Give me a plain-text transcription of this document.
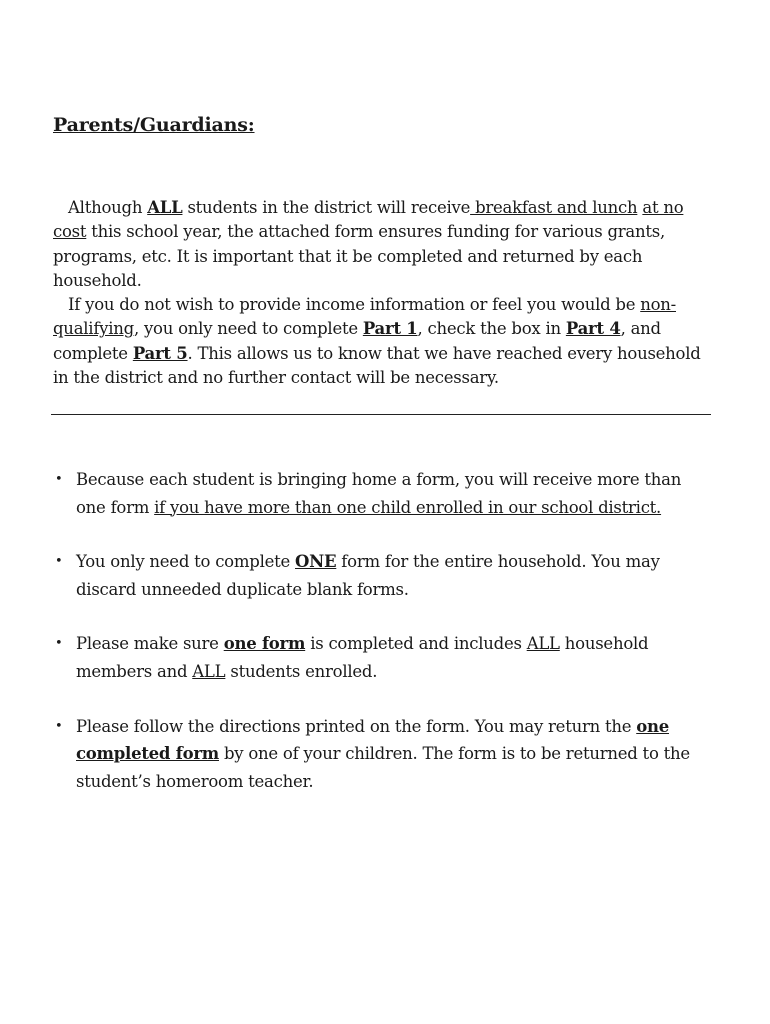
Parents/Guardians:

Although ALL students in the district will receive breakfast and lunch at no cost this school year, the attached form ensures funding for various grants, programs, etc. It is important that it be completed and returned by each household.

If you do not wish to provide income information or feel you would be non-qualifying, you only need to complete Part 1, check the box in Part 4, and complete Part 5. This allows us to know that we have reached every household in the district and no further contact will be necessary.

• Because each student is bringing home a form, you will receive more than one form if you have more than one child enrolled in our school district.
• You only need to complete ONE form for the entire household. You may discard unneeded duplicate blank forms.
• Please make sure one form is completed and includes ALL household members and ALL students enrolled.
• Please follow the directions printed on the form. You may return the one completed form by one of your children. The form is to be returned to the student’s homeroom teacher.
